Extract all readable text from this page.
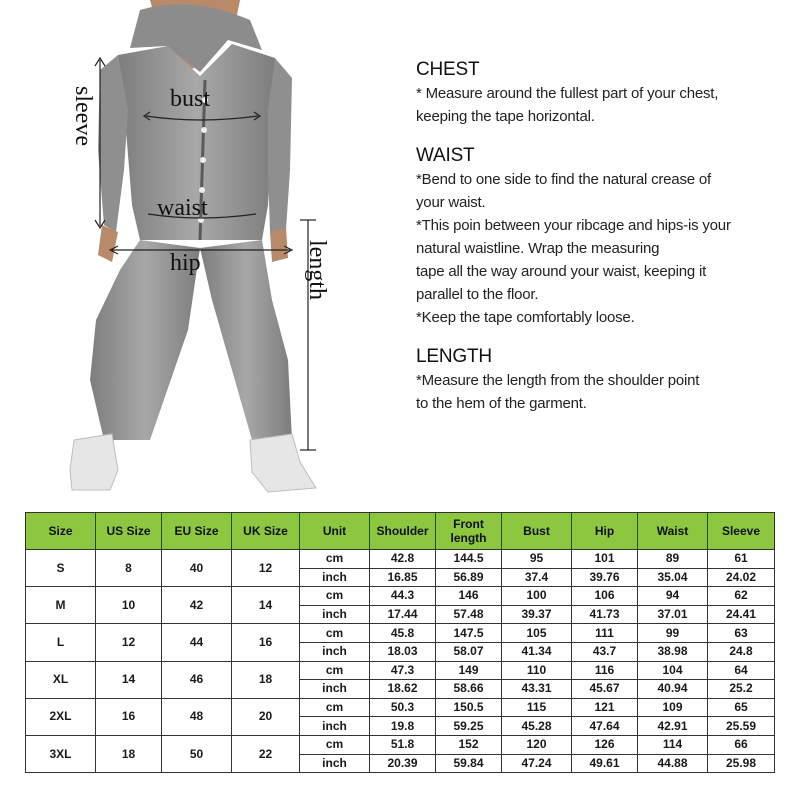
bust
waist
hip
sleeve
length
CHEST
* Measure around the fullest part of your chest,
keeping the tape horizontal.
WAIST
*Bend to one side to find the natural crease of
your waist.
*This poin between your ribcage and hips-is your
natural waistline. Wrap the measuring
tape all the way around your waist, keeping it
parallel to the floor.
*Keep the tape comfortably loose.
LENGTH
*Measure the length from the shoulder point
to the hem of the garment.
Size	US Size	EU Size	UK Size	Unit	Shoulder	Front length	Bust	Hip	Waist	Sleeve
S	8	40	12	cm	42.8	144.5	95	101	89	61
				inch	16.85	56.89	37.4	39.76	35.04	24.02
M	10	42	14	cm	44.3	146	100	106	94	62
				inch	17.44	57.48	39.37	41.73	37.01	24.41
L	12	44	16	cm	45.8	147.5	105	111	99	63
				inch	18.03	58.07	41.34	43.7	38.98	24.8
XL	14	46	18	cm	47.3	149	110	116	104	64
				inch	18.62	58.66	43.31	45.67	40.94	25.2
2XL	16	48	20	cm	50.3	150.5	115	121	109	65
				inch	19.8	59.25	45.28	47.64	42.91	25.59
3XL	18	50	22	cm	51.8	152	120	126	114	66
				inch	20.39	59.84	47.24	49.61	44.88	25.98
